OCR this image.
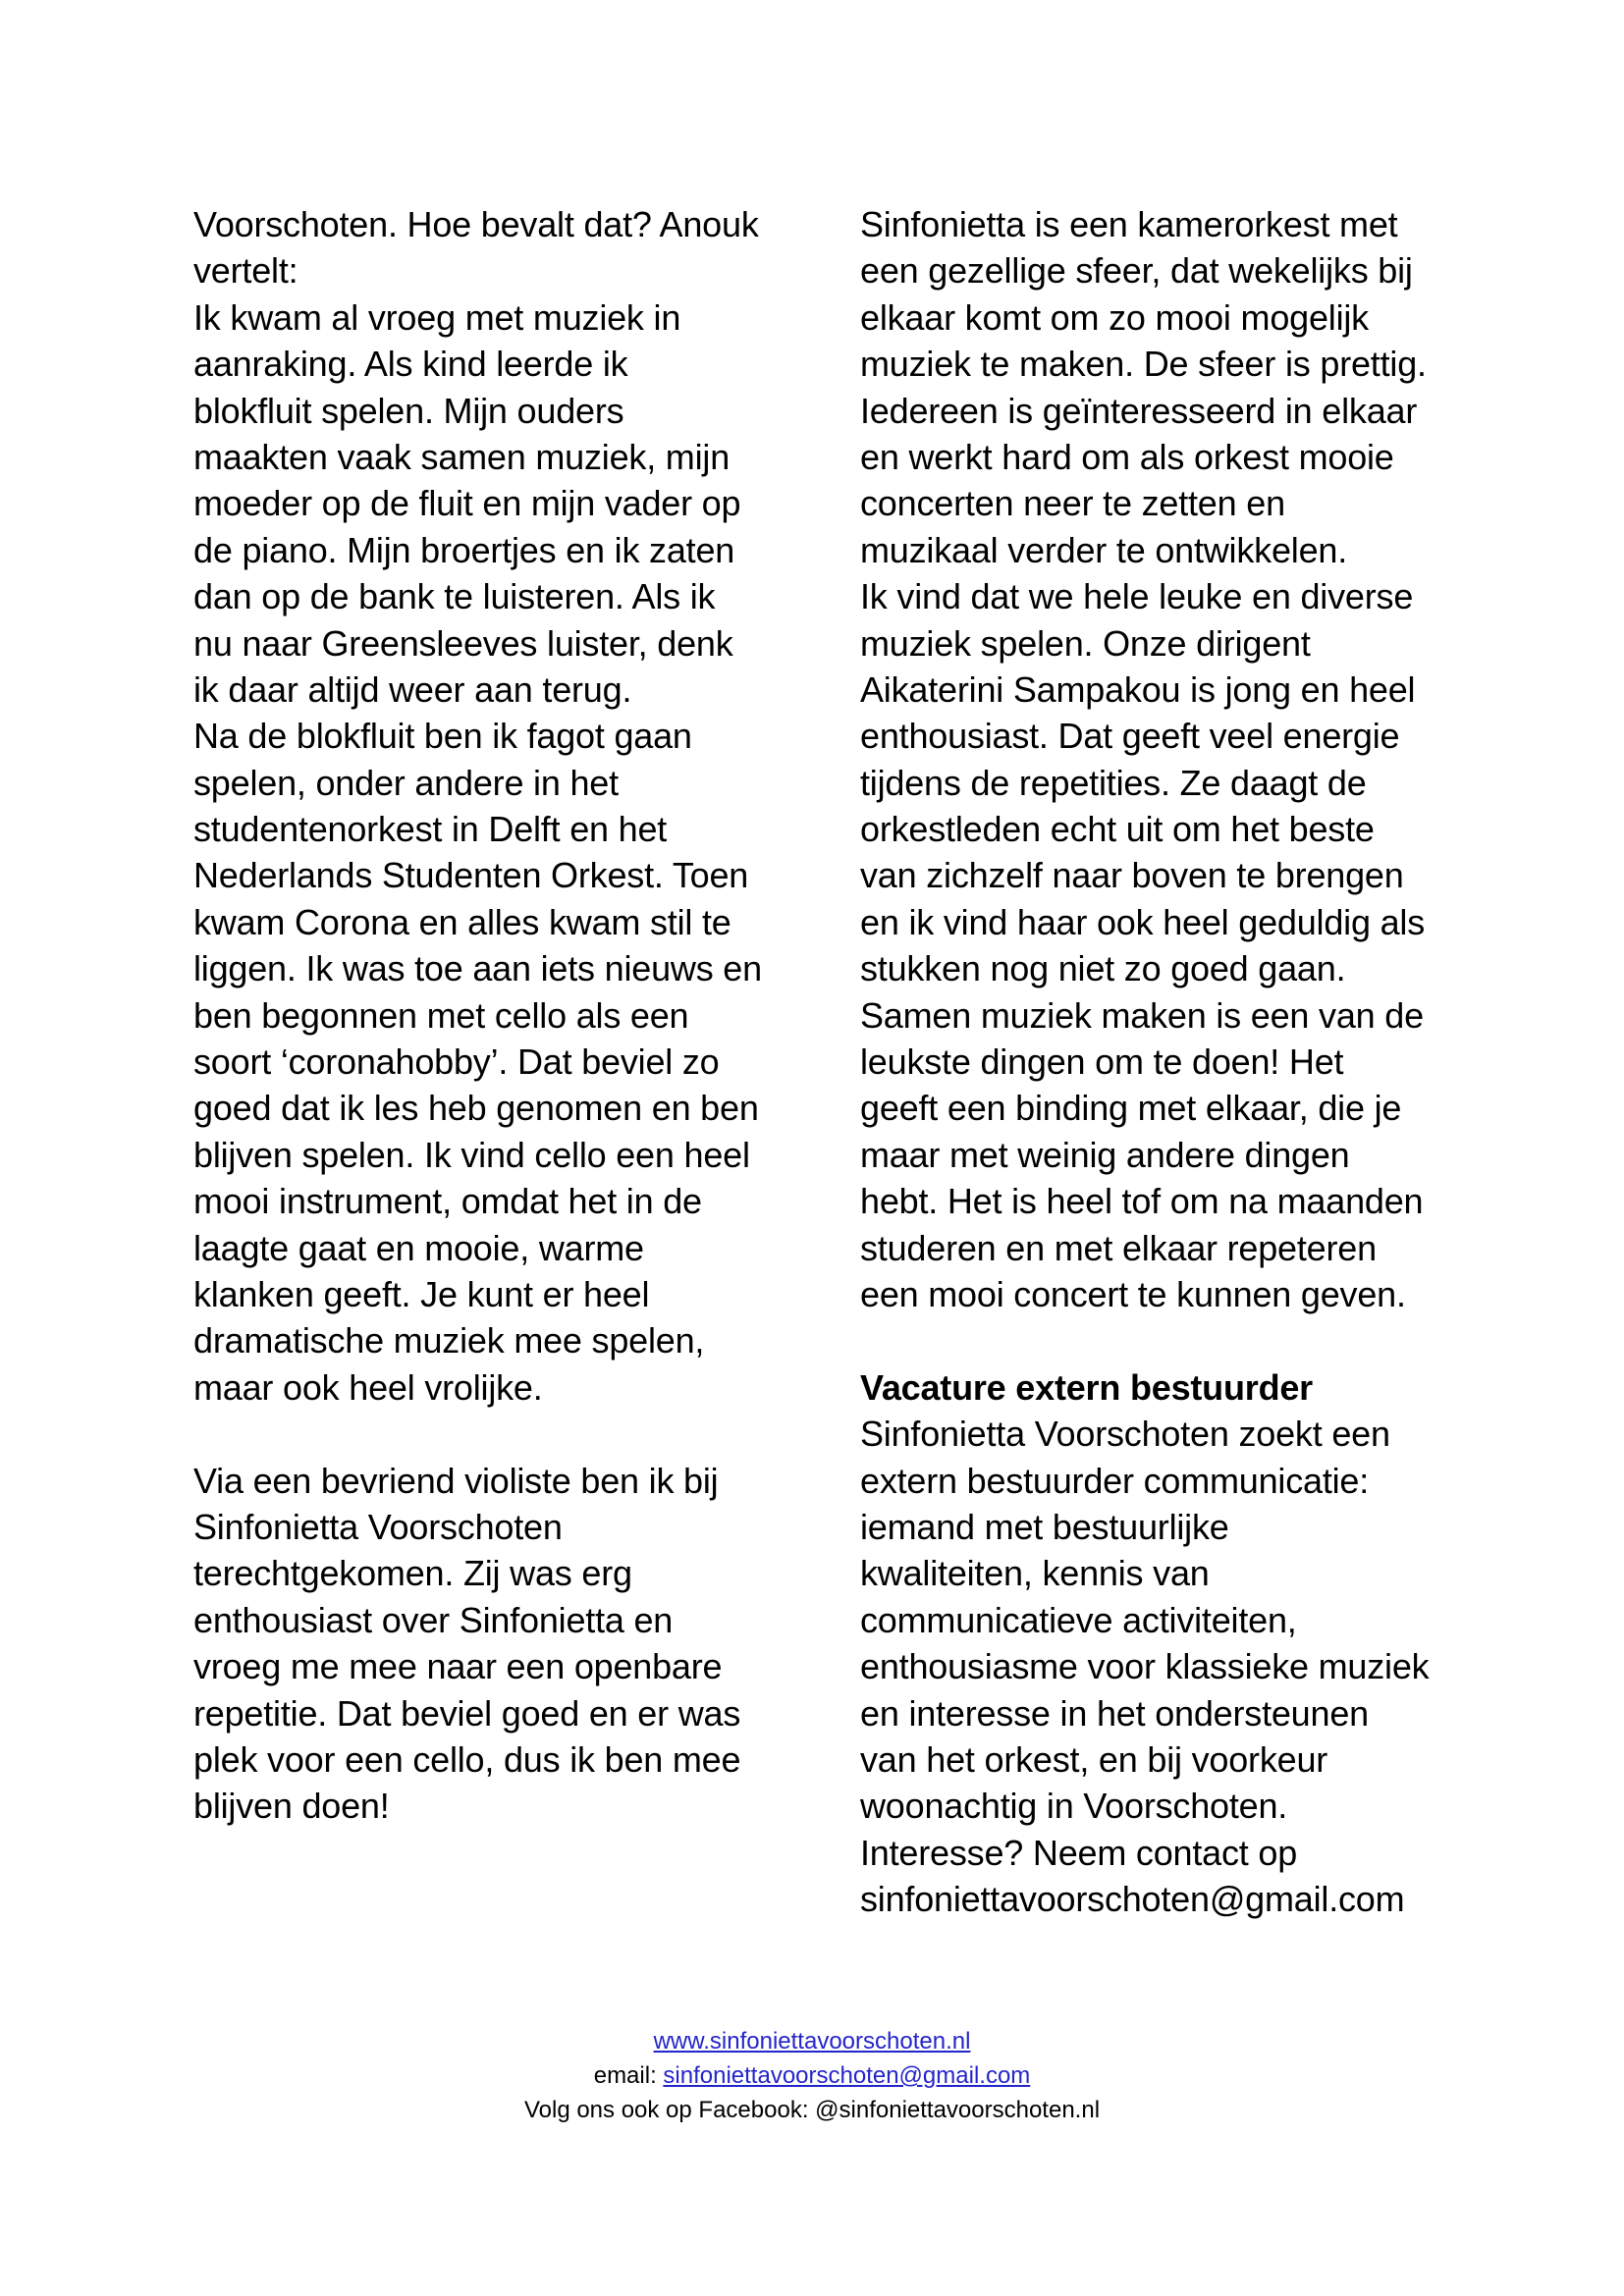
Voorschoten. Hoe bevalt dat? Anouk
vertelt:
Ik kwam al vroeg met muziek in
aanraking. Als kind leerde ik
blokfluit spelen. Mijn ouders
maakten vaak samen muziek, mijn
moeder op de fluit en mijn vader op
de piano. Mijn broertjes en ik zaten
dan op de bank te luisteren. Als ik
nu naar Greensleeves luister, denk
ik daar altijd weer aan terug.
Na de blokfluit ben ik fagot gaan
spelen, onder andere in het
studentenorkest in Delft en het
Nederlands Studenten Orkest. Toen
kwam Corona en alles kwam stil te
liggen. Ik was toe aan iets nieuws en
ben begonnen met cello als een
soort ‘coronahobby’. Dat beviel zo
goed dat ik les heb genomen en ben
blijven spelen. Ik vind cello een heel
mooi instrument, omdat het in de
laagte gaat en mooie, warme
klanken geeft. Je kunt er heel
dramatische muziek mee spelen,
maar ook heel vrolijke.

Via een bevriend violiste ben ik bij
Sinfonietta Voorschoten
terechtgekomen. Zij was erg
enthousiast over Sinfonietta en
vroeg me mee naar een openbare
repetitie. Dat beviel goed en er was
plek voor een cello, dus ik ben mee
blijven doen!
Sinfonietta is een kamerorkest met
een gezellige sfeer, dat wekelijks bij
elkaar komt om zo mooi mogelijk
muziek te maken. De sfeer is prettig.
Iedereen is geïnteresseerd in elkaar
en werkt hard om als orkest mooie
concerten neer te zetten en
muzikaal verder te ontwikkelen.
Ik vind dat we hele leuke en diverse
muziek spelen. Onze dirigent
Aikaterini Sampakou is jong en heel
enthousiast. Dat geeft veel energie
tijdens de repetities. Ze daagt de
orkestleden echt uit om het beste
van zichzelf naar boven te brengen
en ik vind haar ook heel geduldig als
stukken nog niet zo goed gaan.
Samen muziek maken is een van de
leukste dingen om te doen! Het
geeft een binding met elkaar, die je
maar met weinig andere dingen
hebt. Het is heel tof om na maanden
studeren en met elkaar repeteren
een mooi concert te kunnen geven.

Vacature extern bestuurder
Sinfonietta Voorschoten zoekt een
extern bestuurder communicatie:
iemand met bestuurlijke
kwaliteiten, kennis van
communicatieve activiteiten,
enthousiasme voor klassieke muziek
en interesse in het ondersteunen
van het orkest, en bij voorkeur
woonachtig in Voorschoten.
Interesse? Neem contact op
sinfoniettavoorschoten@gmail.com
www.sinfoniettavoorschoten.nl
email: sinfoniettavoorschoten@gmail.com
Volg ons ook op Facebook: @sinfoniettavoorschoten.nl
